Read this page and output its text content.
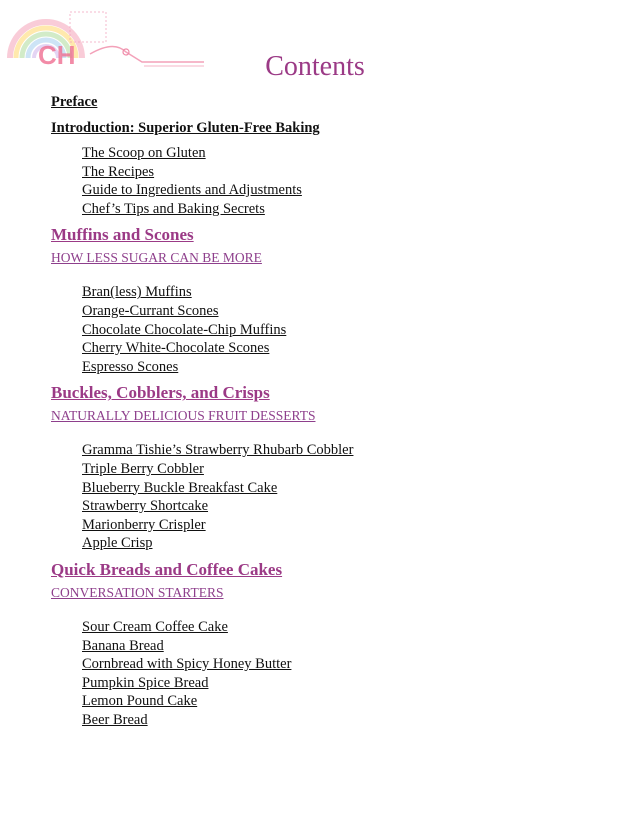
CH	Contents
Preface
Introduction: Superior Gluten-Free Baking
The Scoop on Gluten
The Recipes
Guide to Ingredients and Adjustments
Chef’s Tips and Baking Secrets
Muffins and Scones
HOW LESS SUGAR CAN BE MORE
Bran(less) Muffins
Orange-Currant Scones
Chocolate Chocolate-Chip Muffins
Cherry White-Chocolate Scones
Espresso Scones
Buckles, Cobblers, and Crisps
NATURALLY DELICIOUS FRUIT DESSERTS
Gramma Tishie’s Strawberry Rhubarb Cobbler
Triple Berry Cobbler
Blueberry Buckle Breakfast Cake
Strawberry Shortcake
Marionberry Crispler
Apple Crisp
Quick Breads and Coffee Cakes
CONVERSATION STARTERS
Sour Cream Coffee Cake
Banana Bread
Cornbread with Spicy Honey Butter
Pumpkin Spice Bread
Lemon Pound Cake
Beer Bread
